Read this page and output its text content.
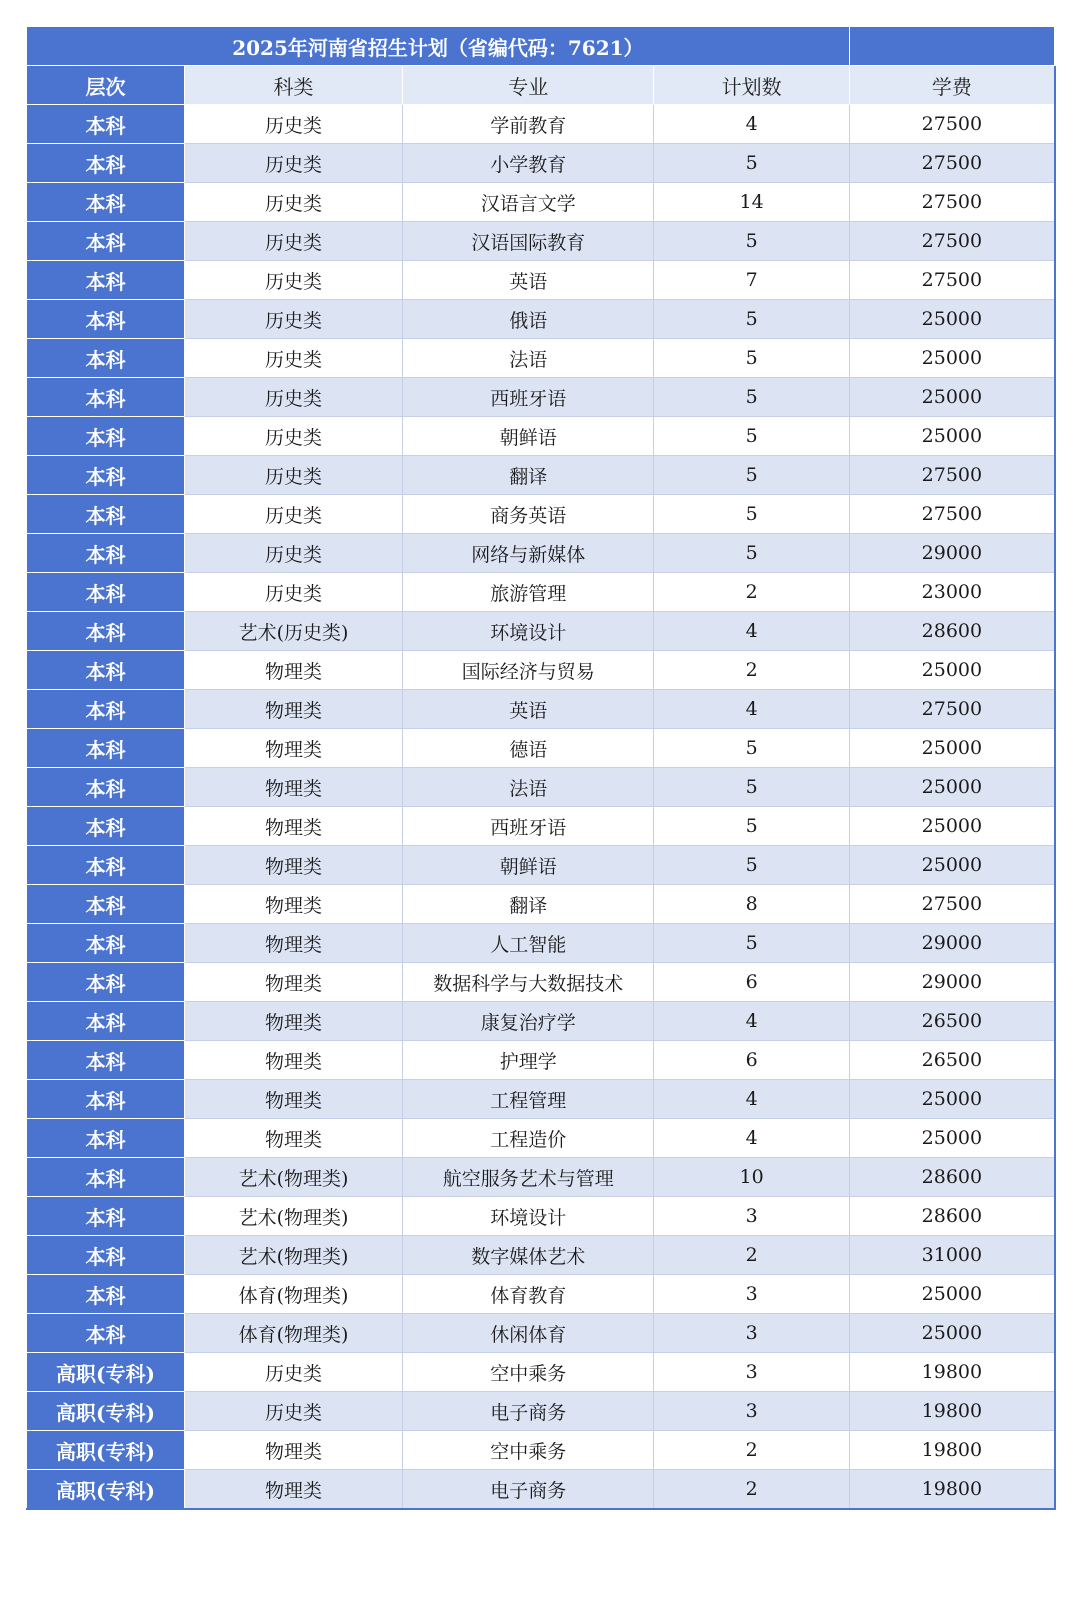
2025年河南省招生计划（省编代码：7621）				
层次	科类	专业	计划数	学费
本科	历史类	学前教育	4	27500
本科	历史类	小学教育	5	27500
本科	历史类	汉语言文学	14	27500
本科	历史类	汉语国际教育	5	27500
本科	历史类	英语	7	27500
本科	历史类	俄语	5	25000
本科	历史类	法语	5	25000
本科	历史类	西班牙语	5	25000
本科	历史类	朝鲜语	5	25000
本科	历史类	翻译	5	27500
本科	历史类	商务英语	5	27500
本科	历史类	网络与新媒体	5	29000
本科	历史类	旅游管理	2	23000
本科	艺术(历史类)	环境设计	4	28600
本科	物理类	国际经济与贸易	2	25000
本科	物理类	英语	4	27500
本科	物理类	德语	5	25000
本科	物理类	法语	5	25000
本科	物理类	西班牙语	5	25000
本科	物理类	朝鲜语	5	25000
本科	物理类	翻译	8	27500
本科	物理类	人工智能	5	29000
本科	物理类	数据科学与大数据技术	6	29000
本科	物理类	康复治疗学	4	26500
本科	物理类	护理学	6	26500
本科	物理类	工程管理	4	25000
本科	物理类	工程造价	4	25000
本科	艺术(物理类)	航空服务艺术与管理	10	28600
本科	艺术(物理类)	环境设计	3	28600
本科	艺术(物理类)	数字媒体艺术	2	31000
本科	体育(物理类)	体育教育	3	25000
本科	体育(物理类)	休闲体育	3	25000
高职(专科)	历史类	空中乘务	3	19800
高职(专科)	历史类	电子商务	3	19800
高职(专科)	物理类	空中乘务	2	19800
高职(专科)	物理类	电子商务	2	19800
